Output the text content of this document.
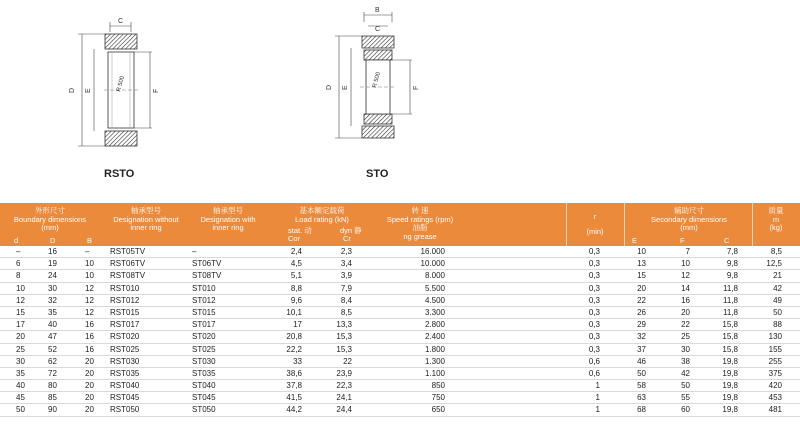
C
D E	F
R 500
B
C
D E	F
R 500
RSTO	STO
外形尺寸
Boundary dimensions
(mm)
d	D	B
轴承型号
Designation without
inner ring
轴承型号
Designation with
inner ring
基本额定载荷
Load rating (kN)
stat. 动	dyn 静
Cor	Cr
转 速
Speed ratings (rpm)
油脂
ng grease
r
(min)
辅助尺寸
Secondary dimensions
(mm)
E	F	C
质量
m
(kg)
–	16	–	RST05TV	–	2,4	2,3	16.000	0,3	10	7	7,8	8,5
6	19	10	RST06TV	ST06TV	4,5	3,4	10.000	0,3	13	10	9,8	12,5
8	24	10	RST08TV	ST08TV	5,1	3,9	8.000	0,3	15	12	9,8	21
10	30	12	RST010	ST010	8,8	7,9	5.500	0,3	20	14	11,8	42
12	32	12	RST012	ST012	9,6	8,4	4.500	0,3	22	16	11,8	49
15	35	12	RST015	ST015	10,1	8,5	3.300	0,3	26	20	11,8	50
17	40	16	RST017	ST017	17	13,3	2.800	0,3	29	22	15,8	88
20	47	16	RST020	ST020	20,8	15,3	2.400	0,3	32	25	15,8	130
25	52	16	RST025	ST025	22,2	15,3	1.800	0,3	37	30	15,8	155
30	62	20	RST030	ST030	33	22	1.300	0,6	46	38	19,8	255
35	72	20	RST035	ST035	38,6	23,9	1.100	0,6	50	42	19,8	375
40	80	20	RST040	ST040	37,8	22,3	850	1	58	50	19,8	420
45	85	20	RST045	ST045	41,5	24,1	750	1	63	55	19,8	453
50	90	20	RST050	ST050	44,2	24,4	650	1	68	60	19,8	481
